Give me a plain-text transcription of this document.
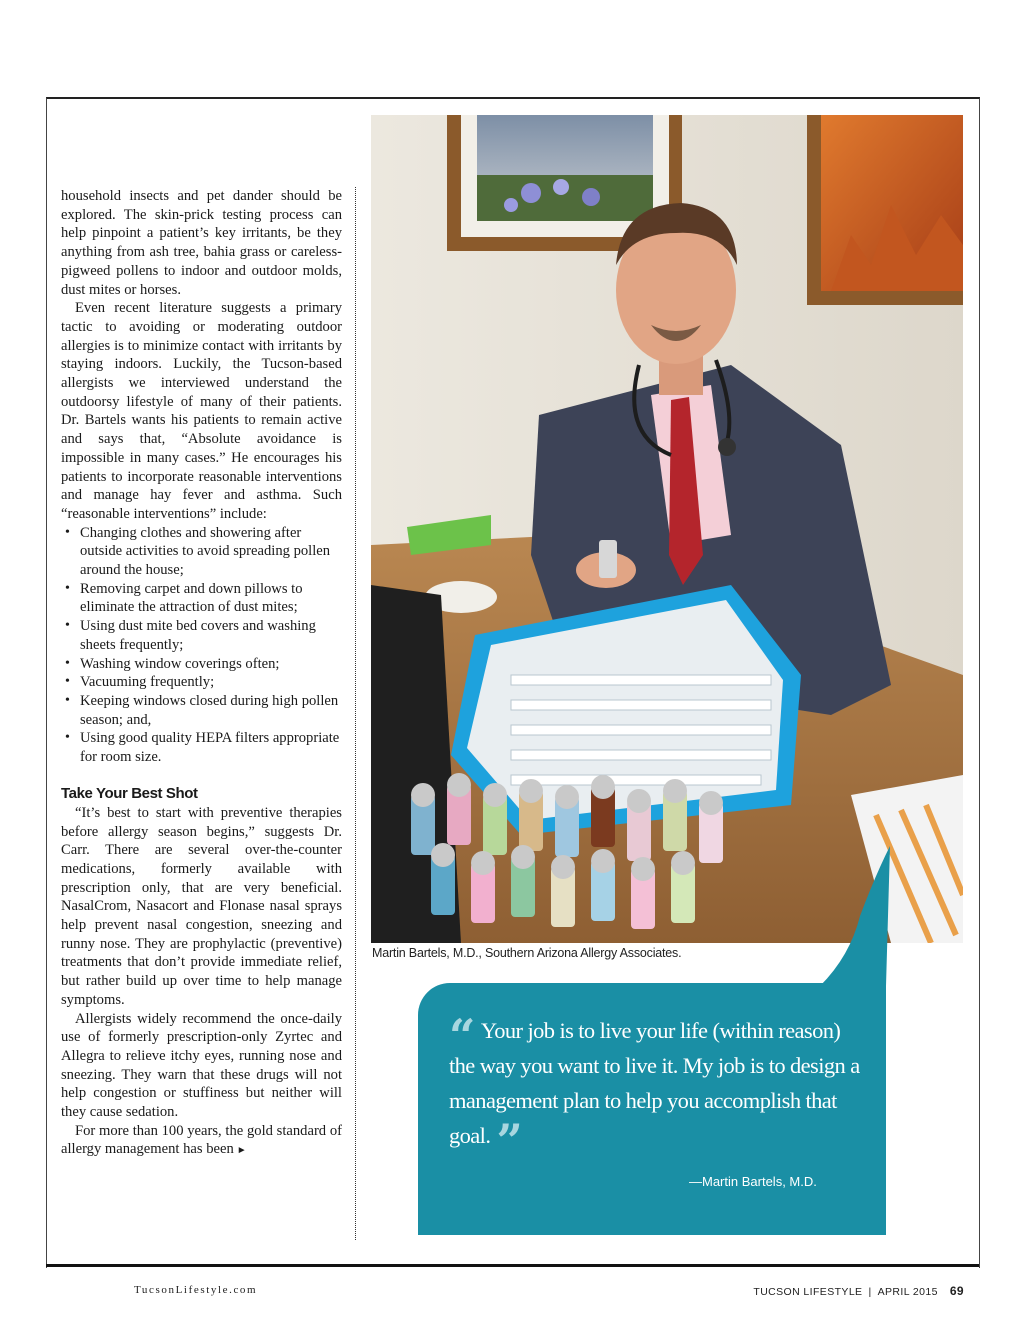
household insects and pet dander should be explored. The skin-prick testing process can help pinpoint a patient’s key irritants, be they anything from ash tree, bahia grass or careless-pigweed pollens to indoor and outdoor molds, dust mites or horses.

Even recent literature suggests a primary tactic to avoiding or moderating outdoor allergies is to minimize contact with irritants by staying indoors. Luckily, the Tucson-based allergists we interviewed understand the outdoorsy lifestyle of many of their patients. Dr. Bartels wants his patients to remain active and says that, “Absolute avoidance is impossible in many cases.” He encourages his patients to incorporate reasonable interventions and manage hay fever and asthma. Such “reasonable interventions” include:

• Changing clothes and showering after outside activities to avoid spreading pollen around the house;
• Removing carpet and down pillows to eliminate the attraction of dust mites;
• Using dust mite bed covers and washing sheets frequently;
• Washing window coverings often;
• Vacuuming frequently;
• Keeping windows closed during high pollen season; and,
• Using good quality HEPA filters appropriate for room size.
Take Your Best Shot

“It’s best to start with preventive therapies before allergy season begins,” suggests Dr. Carr. There are several over-the-counter medications, formerly available with prescription only, that are very beneficial. NasalCrom, Nasacort and Flonase nasal sprays help prevent nasal congestion, sneezing and runny nose. They are prophylactic (preventive) treatments that don’t provide immediate relief, but rather build up over time to help manage symptoms.

Allergists widely recommend the once-daily use of formerly prescription-only Zyrtec and Allegra to relieve itchy eyes, running nose and sneezing. They warn that these drugs will not help congestion or stuffiness but neither will they cause sedation.

For more than 100 years, the gold standard of allergy management has been ►

Martin Bartels, M.D., Southern Arizona Allergy Associates.
“ Your job is to live your life (within reason) the way you want to live it. My job is to design a management plan to help you accomplish that goal. ”
—Martin Bartels, M.D.
TucsonLifestyle.com	TUCSON LIFESTYLE | APRIL 2015 69
